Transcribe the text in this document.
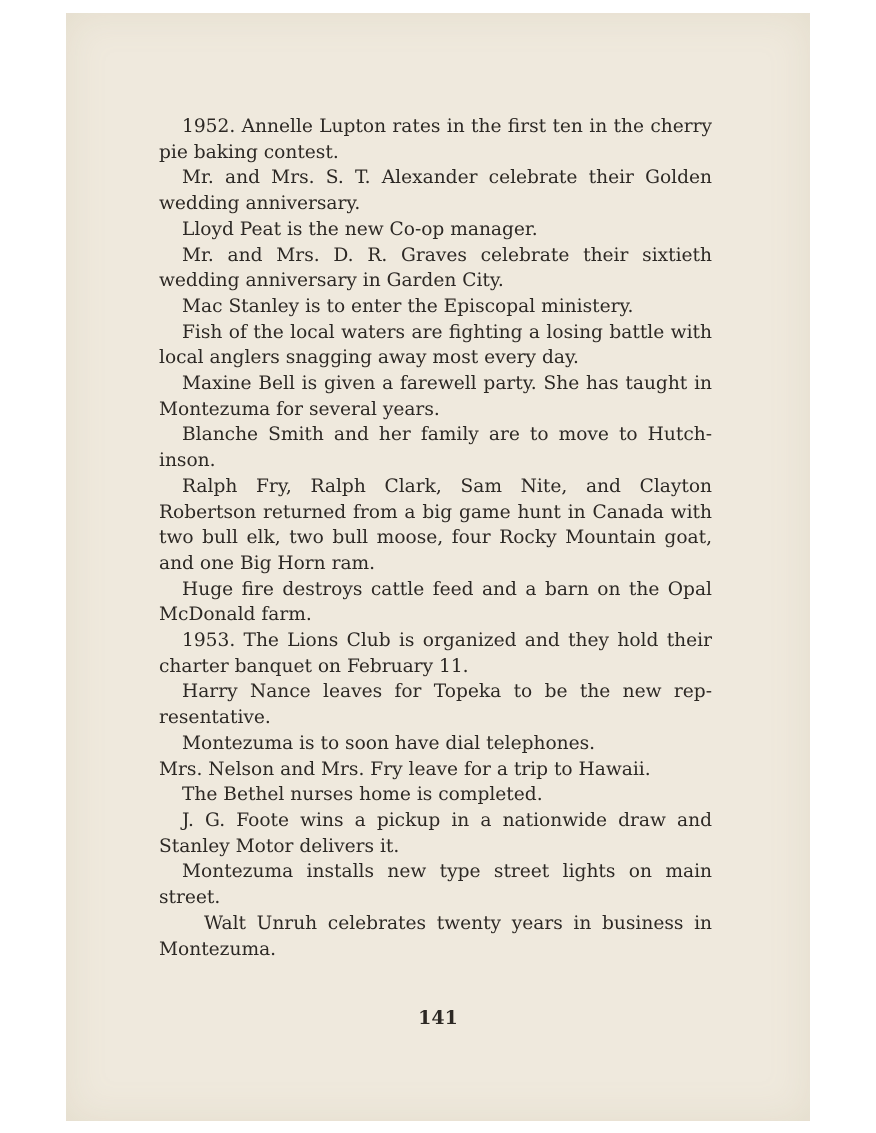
1952. Annelle Lupton rates in the first ten in the cherry pie baking contest.

Mr. and Mrs. S. T. Alexander celebrate their Golden wedding anniversary.

Lloyd Peat is the new Co-op manager.

Mr. and Mrs. D. R. Graves celebrate their sixtieth wedding anniversary in Garden City.

Mac Stanley is to enter the Episcopal ministery.

Fish of the local waters are fighting a losing battle with local anglers snagging away most every day.

Maxine Bell is given a farewell party. She has taught in Montezuma for several years.

Blanche Smith and her family are to move to Hutch-inson.

Ralph Fry, Ralph Clark, Sam Nite, and Clayton Robertson returned from a big game hunt in Canada with two bull elk, two bull moose, four Rocky Mountain goat, and one Big Horn ram.

Huge fire destroys cattle feed and a barn on the Opal McDonald farm.

1953. The Lions Club is organized and they hold their charter banquet on February 11.

Harry Nance leaves for Topeka to be the new rep-resentative.

Montezuma is to soon have dial telephones.

Mrs. Nelson and Mrs. Fry leave for a trip to Hawaii.

The Bethel nurses home is completed.

J. G. Foote wins a pickup in a nationwide draw and Stanley Motor delivers it.

Montezuma installs new type street lights on main street.

Walt Unruh celebrates twenty years in business in Montezuma.

141
